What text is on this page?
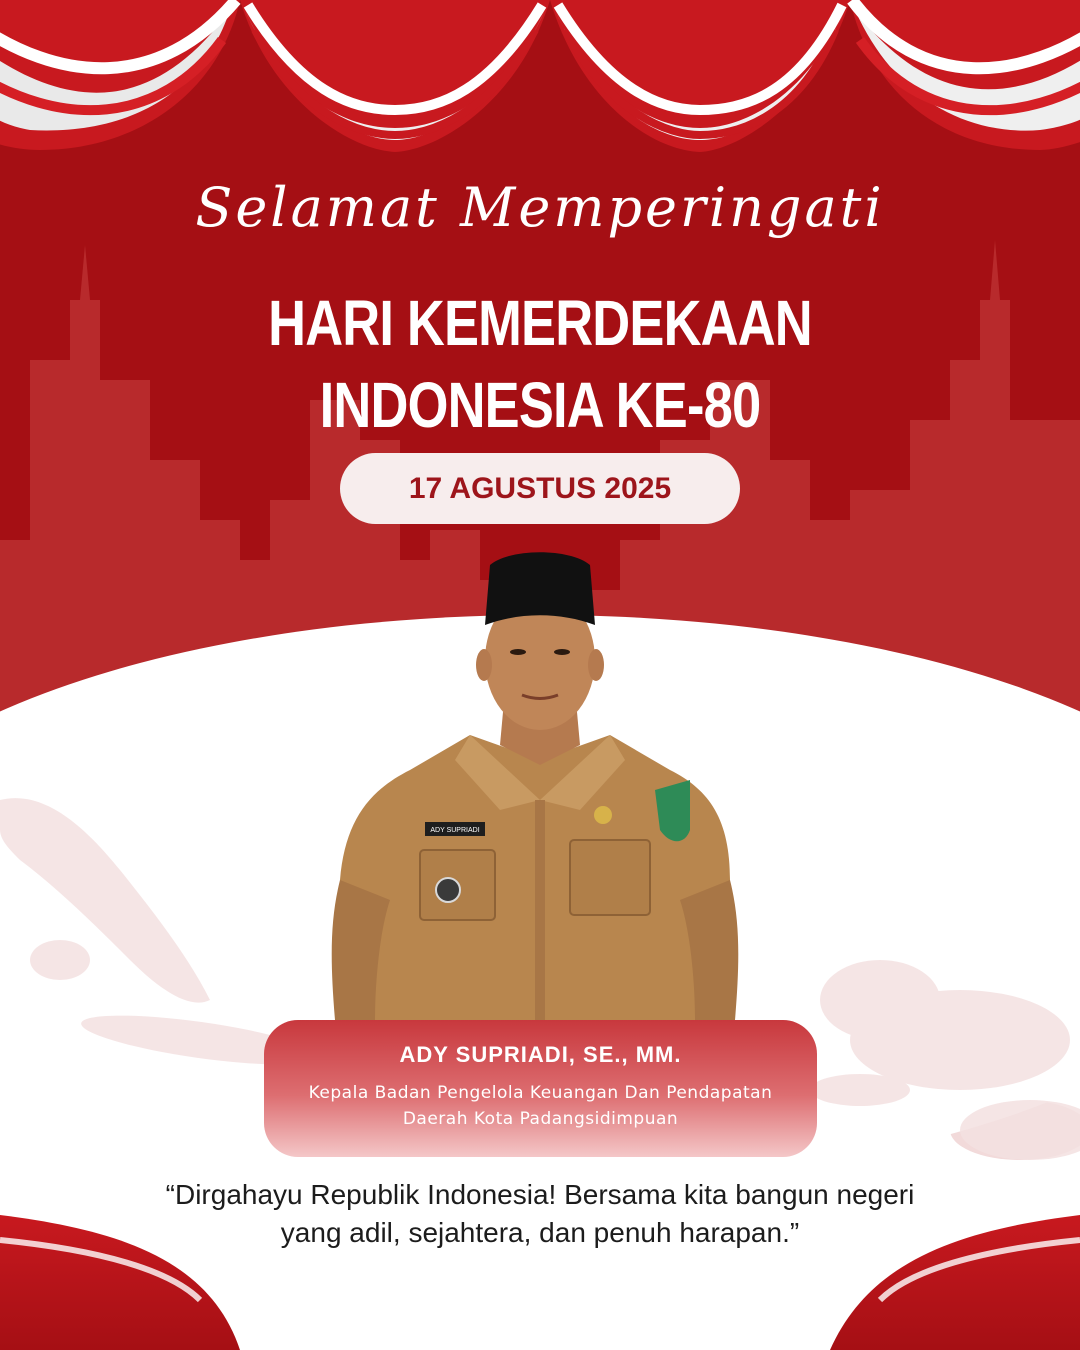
Selamat Memperingati
HARI KEMERDEKAAN
INDONESIA KE-80
17 AGUSTUS 2025
ADY SUPRIADI
ADY SUPRIADI, SE., MM.
Kepala Badan Pengelola Keuangan Dan Pendapatan
Daerah Kota Padangsidimpuan
“Dirgahayu Republik Indonesia! Bersama kita bangun negeri
yang adil, sejahtera, dan penuh harapan.”
